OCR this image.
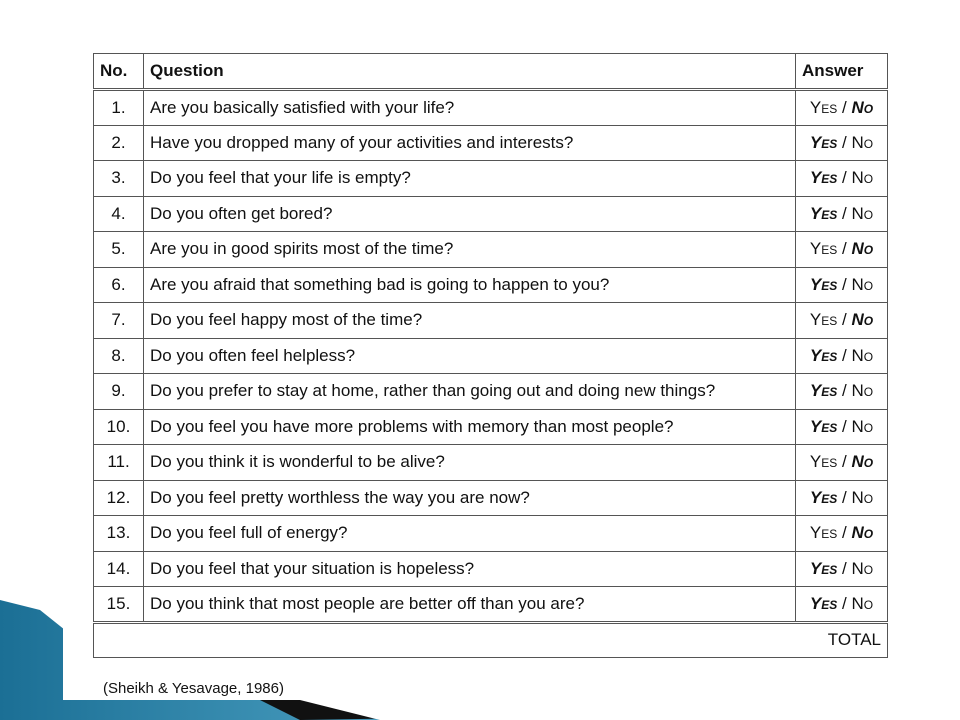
No.	Question	Answer
1.	Are you basically satisfied with your life?	Yes / No
2.	Have you dropped many of your activities and interests?	Yes / No
3.	Do you feel that your life is empty?	Yes / No
4.	Do you often get bored?	Yes / No
5.	Are you in good spirits most of the time?	Yes / No
6.	Are you afraid that something bad is going to happen to you?	Yes / No
7.	Do you feel happy most of the time?	Yes / No
8.	Do you often feel helpless?	Yes / No
9.	Do you prefer to stay at home, rather than going out and doing new things?	Yes / No
10.	Do you feel you have more problems with memory than most people?	Yes / No
11.	Do you think it is wonderful to be alive?	Yes / No
12.	Do you feel pretty worthless the way you are now?	Yes / No
13.	Do you feel full of energy?	Yes / No
14.	Do you feel that your situation is hopeless?	Yes / No
15.	Do you think that most people are better off than you are?	Yes / No
TOTAL		
(Sheikh & Yesavage, 1986)
